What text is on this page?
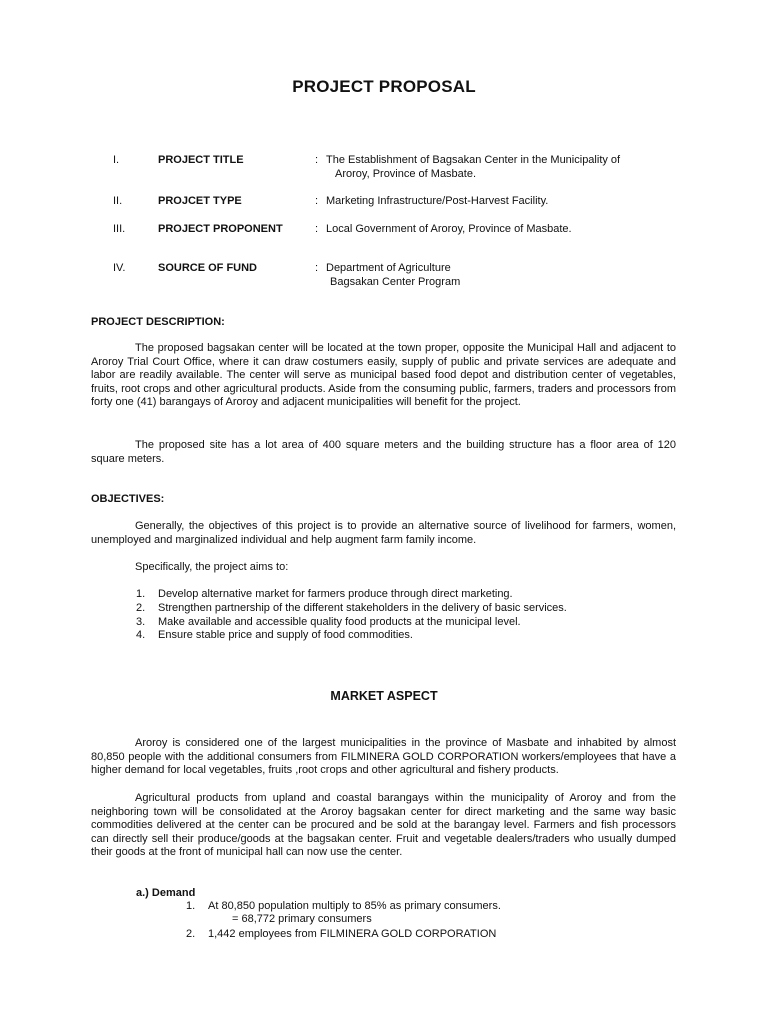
PROJECT PROPOSAL
I.	PROJECT TITLE	: The Establishment of Bagsakan Center in the Municipality of
Aroroy, Province of Masbate.
II.	PROJCET TYPE	: Marketing Infrastructure/Post-Harvest Facility.
III.	PROJECT PROPONENT	: Local Government of Aroroy, Province of Masbate.
IV.	SOURCE OF FUND	: Department of Agriculture
Bagsakan Center Program
PROJECT DESCRIPTION:

The proposed bagsakan center will be located at the town proper, opposite the Municipal Hall and adjacent to Aroroy Trial Court Office, where it can draw costumers easily, supply of public and private services are adequate and labor are readily available. The center will serve as municipal based food depot and distribution center of vegetables, fruits, root crops and other agricultural products. Aside from the consuming public, farmers, traders and processors from forty one (41) barangays of Aroroy and adjacent municipalities will benefit for the project.

The proposed site has a lot area of 400 square meters and the building structure has a floor area of 120 square meters.

OBJECTIVES:

Generally, the objectives of this project is to provide an alternative source of livelihood for farmers, women, unemployed and marginalized individual and help augment farm family income.

Specifically, the project aims to:
1. Develop alternative market for farmers produce through direct marketing.
2. Strengthen partnership of the different stakeholders in the delivery of basic services.
3. Make available and accessible quality food products at the municipal level.
4. Ensure stable price and supply of food commodities.
MARKET ASPECT

Aroroy is considered one of the largest municipalities in the province of Masbate and inhabited by almost 80,850 people with the additional consumers from FILMINERA GOLD CORPORATION workers/employees that have a higher demand for local vegetables, fruits ,root crops and other agricultural and fishery products.

Agricultural products from upland and coastal barangays within the municipality of Aroroy and from the neighboring town will be consolidated at the Aroroy bagsakan center for direct marketing and the same way basic commodities delivered at the center can be procured and be sold at the barangay level. Farmers and fish processors can directly sell their produce/goods at the bagsakan center. Fruit and vegetable dealers/traders who usually dumped their goods at the front of municipal hall can now use the center.

a.) Demand
1. At 80,850 population multiply to 85% as primary consumers.
= 68,772 primary consumers
2. 1,442 employees from FILMINERA GOLD CORPORATION
